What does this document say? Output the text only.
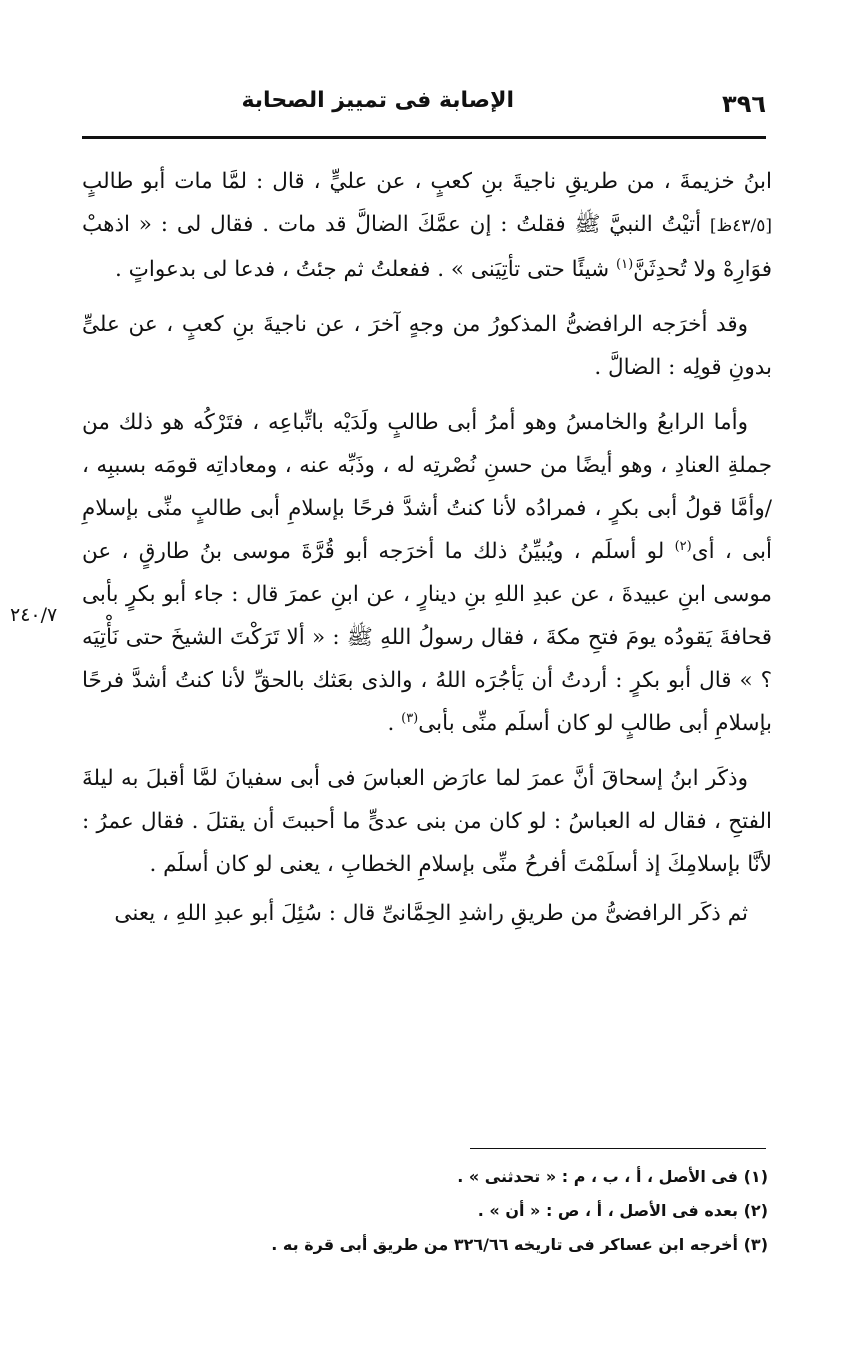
٣٩٦
الإصابة فى تمييز الصحابة
٢٤٠/٧

ابنُ خزيمةَ ، من طريقِ ناجيةَ بنِ كعبٍ ، عن عليٍّ ، قال : لمَّا مات أبو طالبٍ [٤٣/٥ظ] أتيْتُ النبيَّ ﷺ فقلتُ : إن عمَّكَ الضالَّ قد مات . فقال لى : « اذهبْ فوَارِهْ ولا تُحدِثَنَّ$^{(١)}$ شيئًا حتى تأتِيَنى » . ففعلتُ ثم جئتُ ، فدعا لى بدعواتٍ .

وقد أخرَجه الرافضىُّ المذكورُ من وجهٍ آخرَ ، عن ناجيةَ بنِ كعبٍ ، عن علىٍّ بدونِ قولِه : الضالَّ .

وأما الرابعُ والخامسُ وهو أمرُ أبى طالبٍ ولَدَيْه باتِّباعِه ، فتَرْكُه هو ذلك من جملةِ العنادِ ، وهو أيضًا من حسنِ نُصْرتِه له ، وذَبِّه عنه ، ومعاداتِه قومَه بسببِه ، /وأمَّا قولُ أبى بكرٍ ، فمرادُه لأنا كنتُ أشدَّ فرحًا بإسلامِ أبى طالبٍ منِّى بإسلامِ أبى ، أى$^{(٢)}$ لو أسلَم ، ويُبيِّنُ ذلك ما أخرَجه أبو قُرَّةَ موسى بنُ طارقٍ ، عن موسى ابنِ عبيدةَ ، عن عبدِ اللهِ بنِ دينارٍ ، عن ابنِ عمرَ قال : جاء أبو بكرٍ بأبى قحافةَ يَقودُه يومَ فتحِ مكةَ ، فقال رسولُ اللهِ ﷺ : « ألا تَرَكْتَ الشيخَ حتى نَأْتِيَه ؟ » قال أبو بكرٍ : أردتُ أن يَأجُرَه اللهُ ، والذى بعَثك بالحقِّ لأنا كنتُ أشدَّ فرحًا بإسلامِ أبى طالبٍ لو كان أسلَم منِّى بأبى$^{(٣)}$ .

وذكَر ابنُ إسحاقَ أنَّ عمرَ لما عارَض العباسَ فى أبى سفيانَ لمَّا أقبلَ به ليلةَ الفتحِ ، فقال له العباسُ : لو كان من بنى عدىٍّ ما أحببتَ أن يقتلَ . فقال عمرُ : لأنَّا بإسلامِكَ إذ أسلَمْتَ أفرحُ منِّى بإسلامِ الخطابِ ، يعنى لو كان أسلَم .

ثم ذكَر الرافضىُّ من طريقِ راشدِ الحِمَّانىِّ قال : سُئِلَ أبو عبدِ اللهِ ، يعنى

(١) فى الأصل ، أ ، ب ، م : « تحدثنى » .

(٢) بعده فى الأصل ، أ ، ص : « أن » .

(٣) أخرجه ابن عساكر فى تاريخه ٣٢٦/٦٦ من طريق أبى قرة به .
